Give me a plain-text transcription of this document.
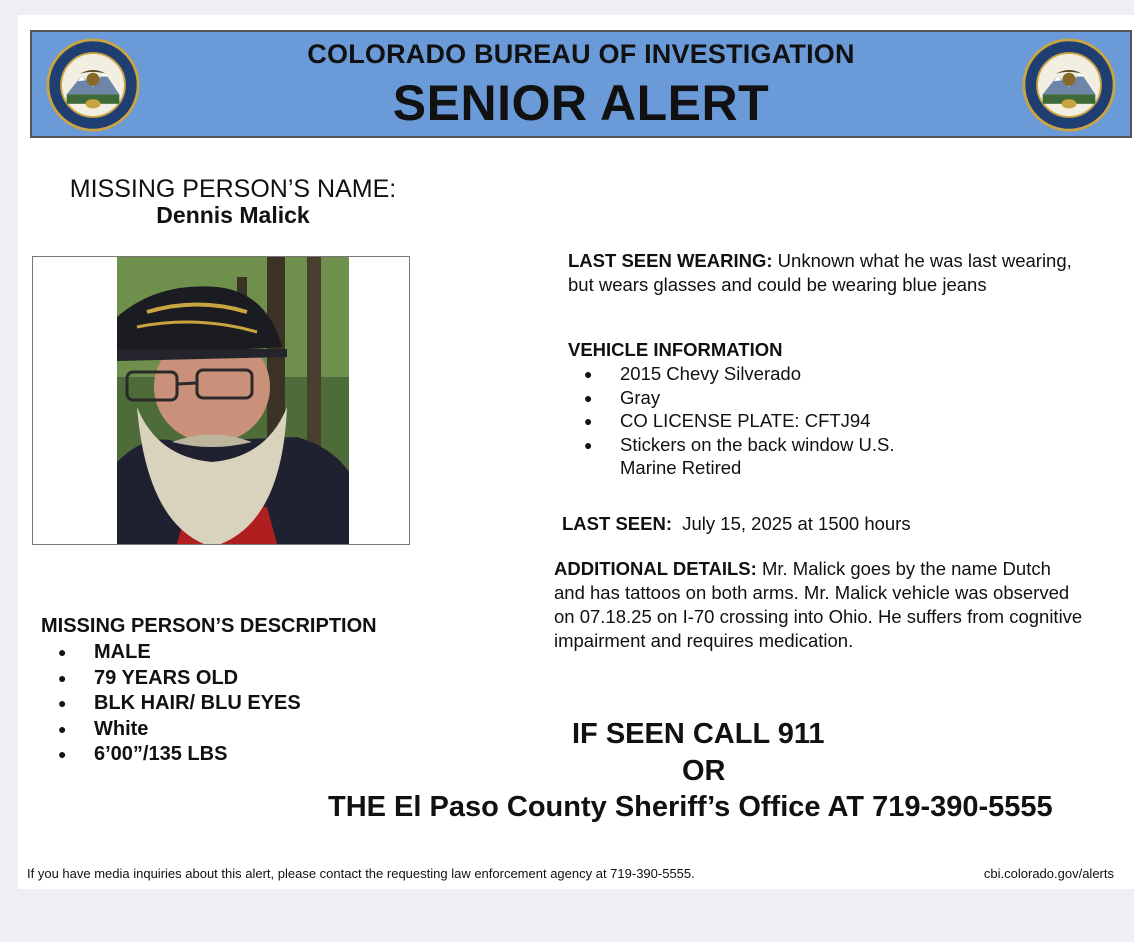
COLORADO BUREAU OF INVESTIGATION
SENIOR ALERT
MISSING PERSON’S NAME:
Dennis Malick
MISSING PERSON’S DESCRIPTION
● MALE
● 79 YEARS OLD
● BLK HAIR/ BLU EYES
● White
● 6’00”/135 LBS
LAST SEEN WEARING: Unknown what he was last wearing, but wears glasses and could be wearing blue jeans
VEHICLE INFORMATION
● 2015 Chevy Silverado
● Gray
● CO LICENSE PLATE: CFTJ94
● Stickers on the back window U.S. Marine Retired
LAST SEEN:  July 15, 2025 at 1500 hours
ADDITIONAL DETAILS: Mr. Malick goes by the name Dutch and has tattoos on both arms. Mr. Malick vehicle was observed on 07.18.25 on I-70 crossing into Ohio. He suffers from cognitive impairment and requires medication.
IF SEEN CALL 911
OR
THE El Paso County Sheriff’s Office AT 719-390-5555
If you have media inquiries about this alert, please contact the requesting law enforcement agency at 719-390-5555.	cbi.colorado.gov/alerts
